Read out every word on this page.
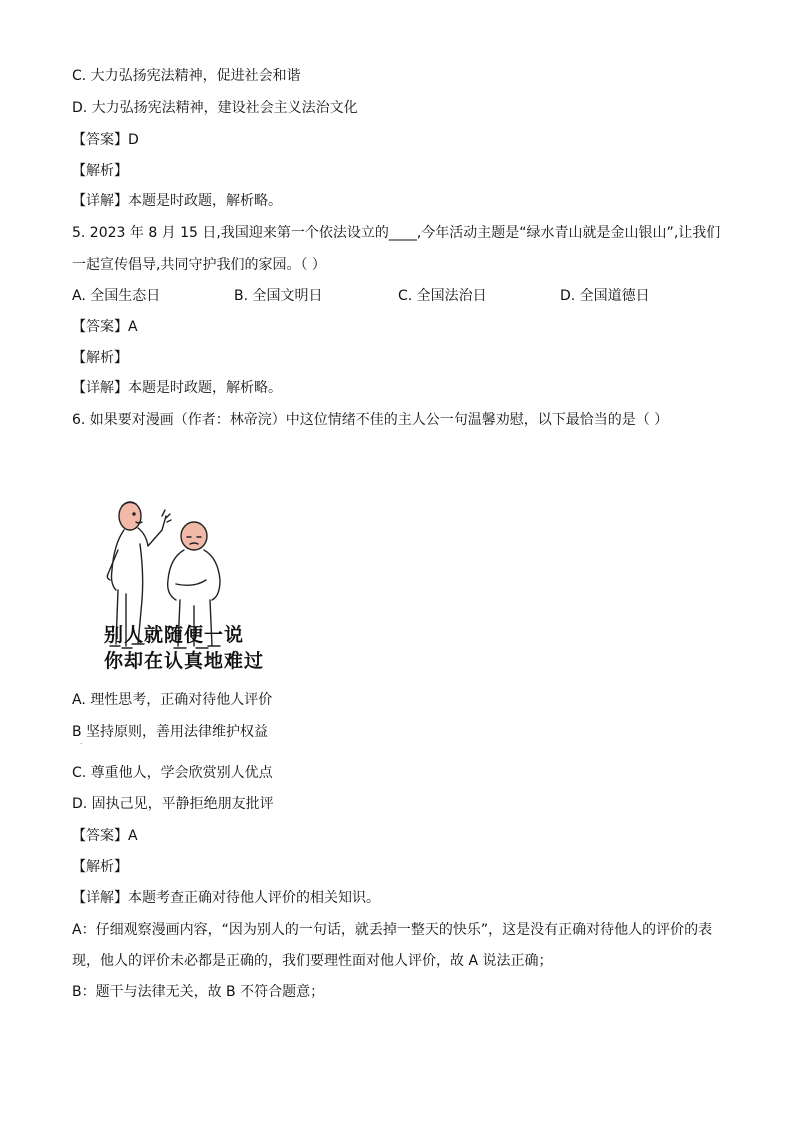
C. 大力弘扬宪法精神，促进社会和谐
D. 大力弘扬宪法精神，建设社会主义法治文化
【答案】D
【解析】
【详解】本题是时政题，解析略。
5. 2023 年 8 月 15 日,我国迎来第一个依法设立的____,今年活动主题是“绿水青山就是金山银山”,让我们
一起宣传倡导,共同守护我们的家园。（ ）
A. 全国生态日	B. 全国文明日	C. 全国法治日	D. 全国道德日
【答案】A
【解析】
【详解】本题是时政题，解析略。
6. 如果要对漫画（作者：林帝浣）中这位情绪不佳的主人公一句温馨劝慰，以下最恰当的是（ ）
别人就随便一说
你却在认真地难过
A. 理性思考，正确对待他人评价
B 坚持原则，善用法律维护权益
.
C. 尊重他人，学会欣赏别人优点
D. 固执己见，平静拒绝朋友批评
【答案】A
【解析】
【详解】本题考查正确对待他人评价的相关知识。
A：仔细观察漫画内容，“因为别人的一句话，就丢掉一整天的快乐”，这是没有正确对待他人的评价的表
现，他人的评价未必都是正确的，我们要理性面对他人评价，故 A 说法正确；
B：题干与法律无关，故 B 不符合题意；
